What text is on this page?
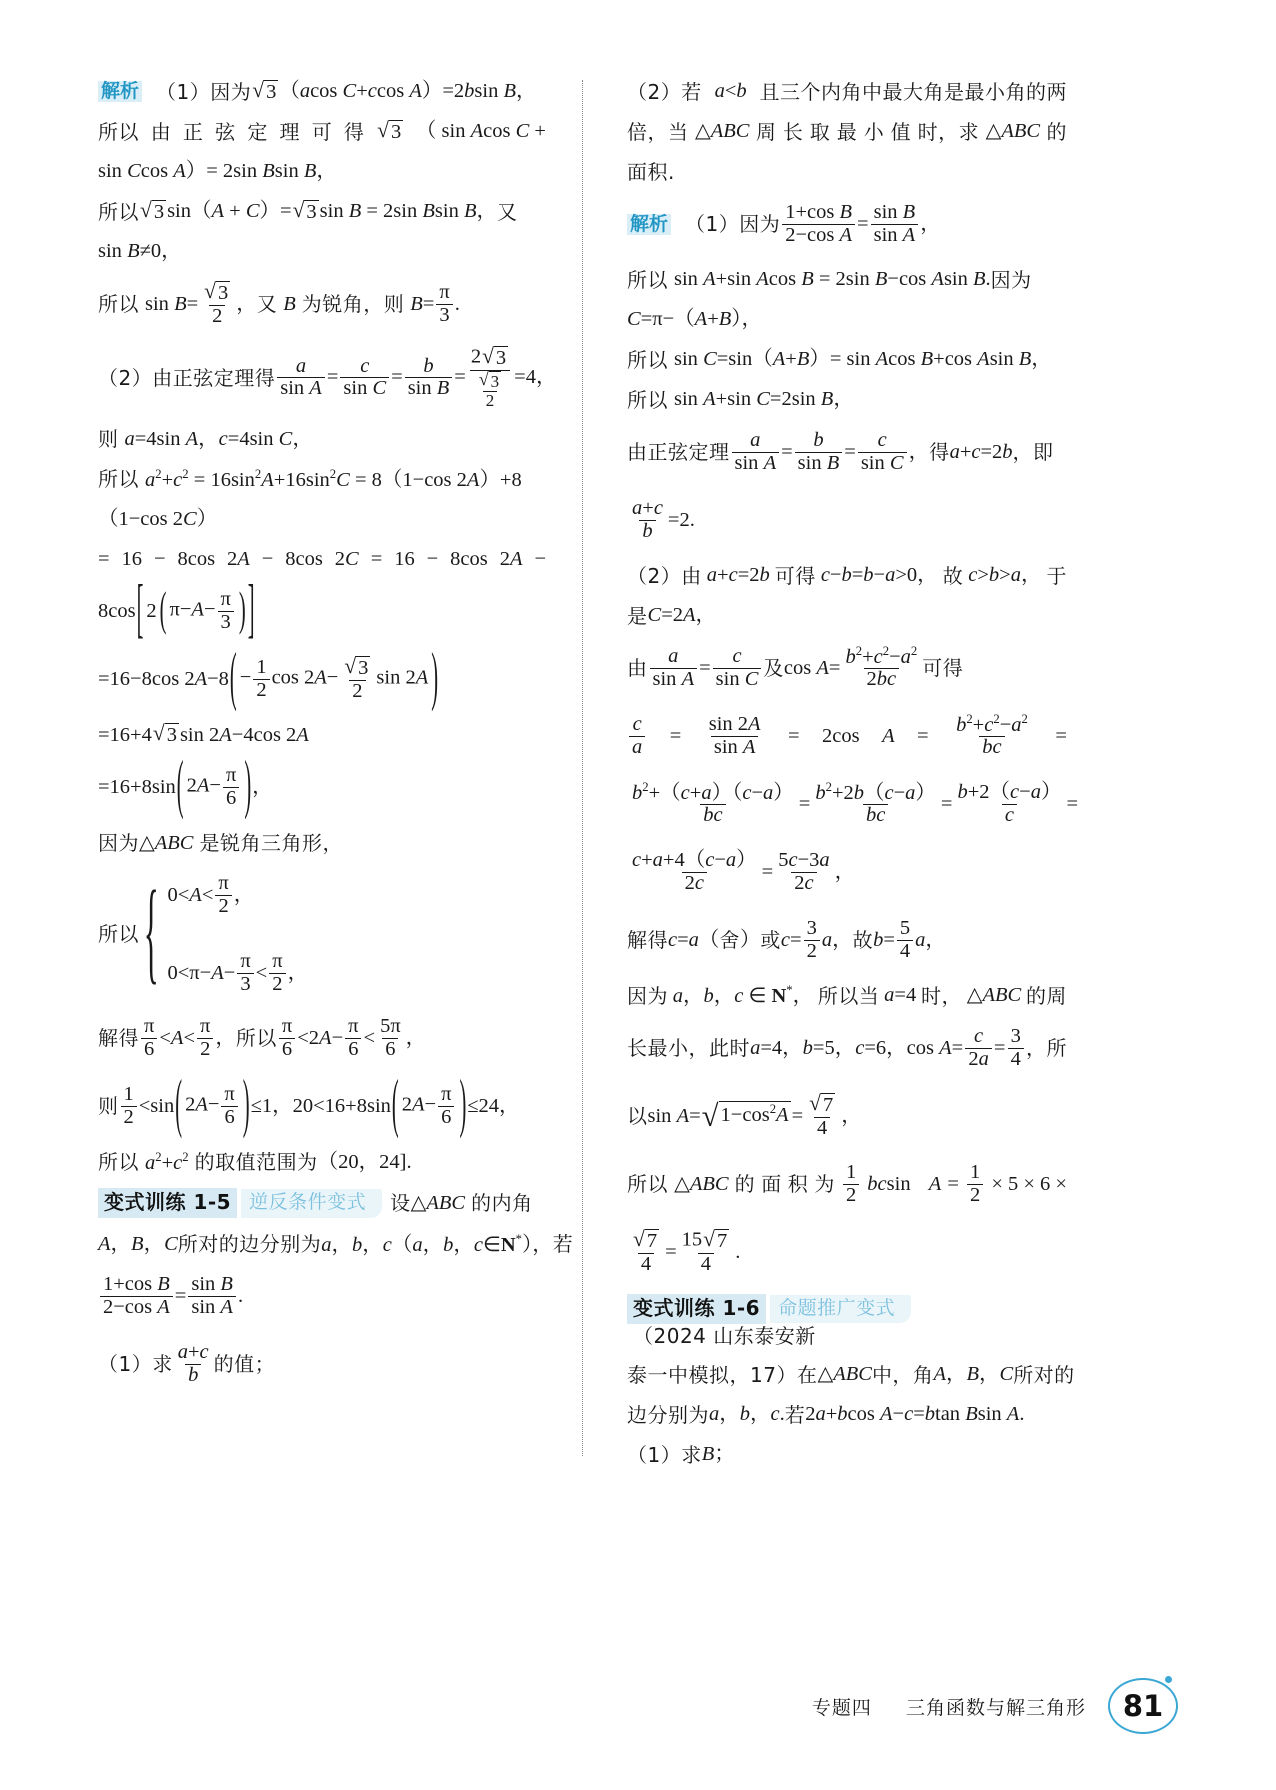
解析 （1）因为 √ 3 （acos C+ccos A）=2bsin B，
所以 由 正 弦 定 理 可 得 √ 3 （ sin Acos C +
sin Ccos A）= 2sin Bsin B，
所以 √ 3 sin（A + C）= √ 3 sin B = 2sin Bsin B， 又
sin B≠0，
所以 $\sin B= \frac{√ 3}{2}$ ， 又 B 为锐角，则 $B= \frac{\pi}{3}$ .
（2）由正弦定理得 $\frac{a}{\text{sin A}} = \frac{c}{\text{sin C}} = \frac{b}{\text{sin B}} = \frac{2 √ 3}{\frac{√ 3}{2}} =4$，
则 a=4sin A，c=4sin C，
所以 $a^2+c^2 = 16\sin^2A+16\sin^2C = 8(1-\cos$ 2A）+8
（1−cos 2C）
= 16 − 8cos 2A − 8cos 2C = 16 − 8cos 2A −
8cos [ 2 ( $\pi-A- \frac{\pi}{3}$ ) ]
=16−8cos 2A−8 ( − $\frac{1}{2}$ $\cos 2A- \frac{√ 3}{2}$ sin 2A )
=16+4 √ 3 sin 2A−4cos 2A
=16+8sin ( $2A- \frac{\pi}{6}$ ) ，
因为 △ABC 是锐角三角形，
所以 { $0<A< \frac{\pi}{2}$ ，
$0<\pi-A- \frac{\pi}{3} < \frac{\pi}{2}$ ，
解得 $\frac{\pi}{6} <A< \frac{\pi}{2}$ ， 所以 $\frac{\pi}{6} <2A- \frac{\pi}{6} < \frac{5\pi}{6}$ ，
则 $\frac{1}{2} <\sin$ ( $2A- \frac{\pi}{6}$ ) ≤1，20<16+8sin ( $2A- \frac{\pi}{6}$ ) ≤24，
所以 $a^2+c^2$ 的取值范围为 （20，24].
变式训练 1-5 逆反条件变式	设 △ABC 的内角
A，B，C 所对的边分别为 a，b，c（a，b，c∈N*）， 若
$\frac{\text{1+cos B}}{\text{2−cos A}} = \frac{\text{sin B}}{\text{sin A}}$ .
（1）求 $\frac{a+c}{b}$ 的值；
（2）若 a<b 且三个内角中最大角是最小角的两
倍，当 △ABC 周 长 取 最 小 值 时，求 △ABC 的
面积.
解析 （1）因为 $\frac{\text{1+cos B}}{\text{2−cos A}} = \frac{\text{sin B}}{\text{sin A}}$ ，
所以 sin A+sin Acos B = 2sin B−cos Asin B. 因为
C=π−（A+B），
所以 sin C=sin（A+B）= sin Acos B+cos Asin B，
所以 sin A+sin C=2sin B，
由正弦定理 $\frac{a}{\text{sin A}} = \frac{b}{\text{sin B}} = \frac{c}{\text{sin C}}$ ， 得 a+c=2b ，即
$\frac{a+c}{b} =2$.
（2）由 a+c=2b 可得 c−b=b−a>0， 故 c>b>a， 于
是 C=2A，
由 $\frac{a}{\text{sin A}} = \frac{c}{\text{sin C}}$ 及 $\cos A= \frac{b^2+c^2-a^2}{2bc}$ 可得
$\frac{c}{a} = \frac{\sin 2A}{\text{sin A}} = 2\cos$ $A = \frac{b^2+c^2-a^2}{bc}$ =
$\frac{b^2+(c+a)(c-a)}{bc} = \frac{b^2+2b(c-a)}{bc} = \frac{b+2(c-a)}{c}$ =
$\frac{c+a+4(c-a)}{2c} = \frac{5c-3a}{2c}$ ，
解得 c=a（ 舍 ） 或 $c= \frac{3}{2}$ a， 故 $b= \frac{5}{4}$ a，
因为 a，b，c ∈ N*， 所以当 a=4 时， △ABC 的周
长最小，此时 a=4，b=5，c=6，$\cos A= \frac{c}{2a} = \frac{3}{4}$ ，所
以 sin A= √ $1-\cos^2A = \frac{√ 7}{4}$ ，
所以 △ABC 的 面 积 为 $\frac{1}{2}$ bcsin $A = \frac{1}{2} \times 5 \times 6$ ×
$\frac{√ 7}{4} = \frac{15 √ 7}{4}$ .
变式训练 1-6 命题推广变式
（2024 山东泰安新
泰一中模拟，17）在 △ABC 中，角 A，B，C 所对的
边分别为 a，b，c. 若 2a+bcos A−c=btan Bsin A.
（1）求 B；
专题四 三角函数与解三角形	81
